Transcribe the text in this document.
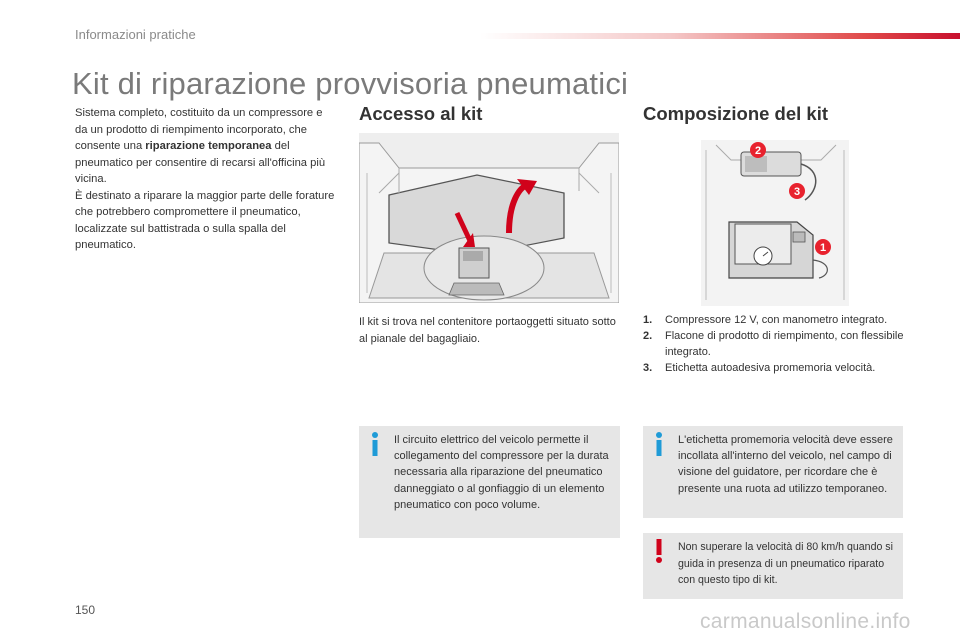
Informazioni pratiche
Kit di riparazione provvisoria pneumatici

Sistema completo, costituito da un compressore e da un prodotto di riempimento incorporato, che consente una riparazione temporanea del pneumatico per consentire di recarsi all'officina più vicina.

È destinato a riparare la maggior parte delle forature che potrebbero compromettere il pneumatico, localizzate sul battistrada o sulla spalla del pneumatico.

Accesso al kit
Il kit si trova nel contenitore portaoggetti situato sotto al pianale del bagagliaio.
Il circuito elettrico del veicolo permette il collegamento del compressore per la durata necessaria alla riparazione del pneumatico danneggiato o al gonfiaggio di un elemento pneumatico con poco volume.
Composizione del kit
2
3
1
1.	Compressore 12 V, con manometro integrato.
2.	Flacone di prodotto di riempimento, con flessibile integrato.
3.	Etichetta autoadesiva promemoria velocità.
L'etichetta promemoria velocità deve essere incollata all'interno del veicolo, nel campo di visione del guidatore, per ricordare che è presente una ruota ad utilizzo temporaneo.
Non superare la velocità di 80 km/h quando si guida in presenza di un pneumatico riparato con questo tipo di kit.
150	carmanualsonline.info
